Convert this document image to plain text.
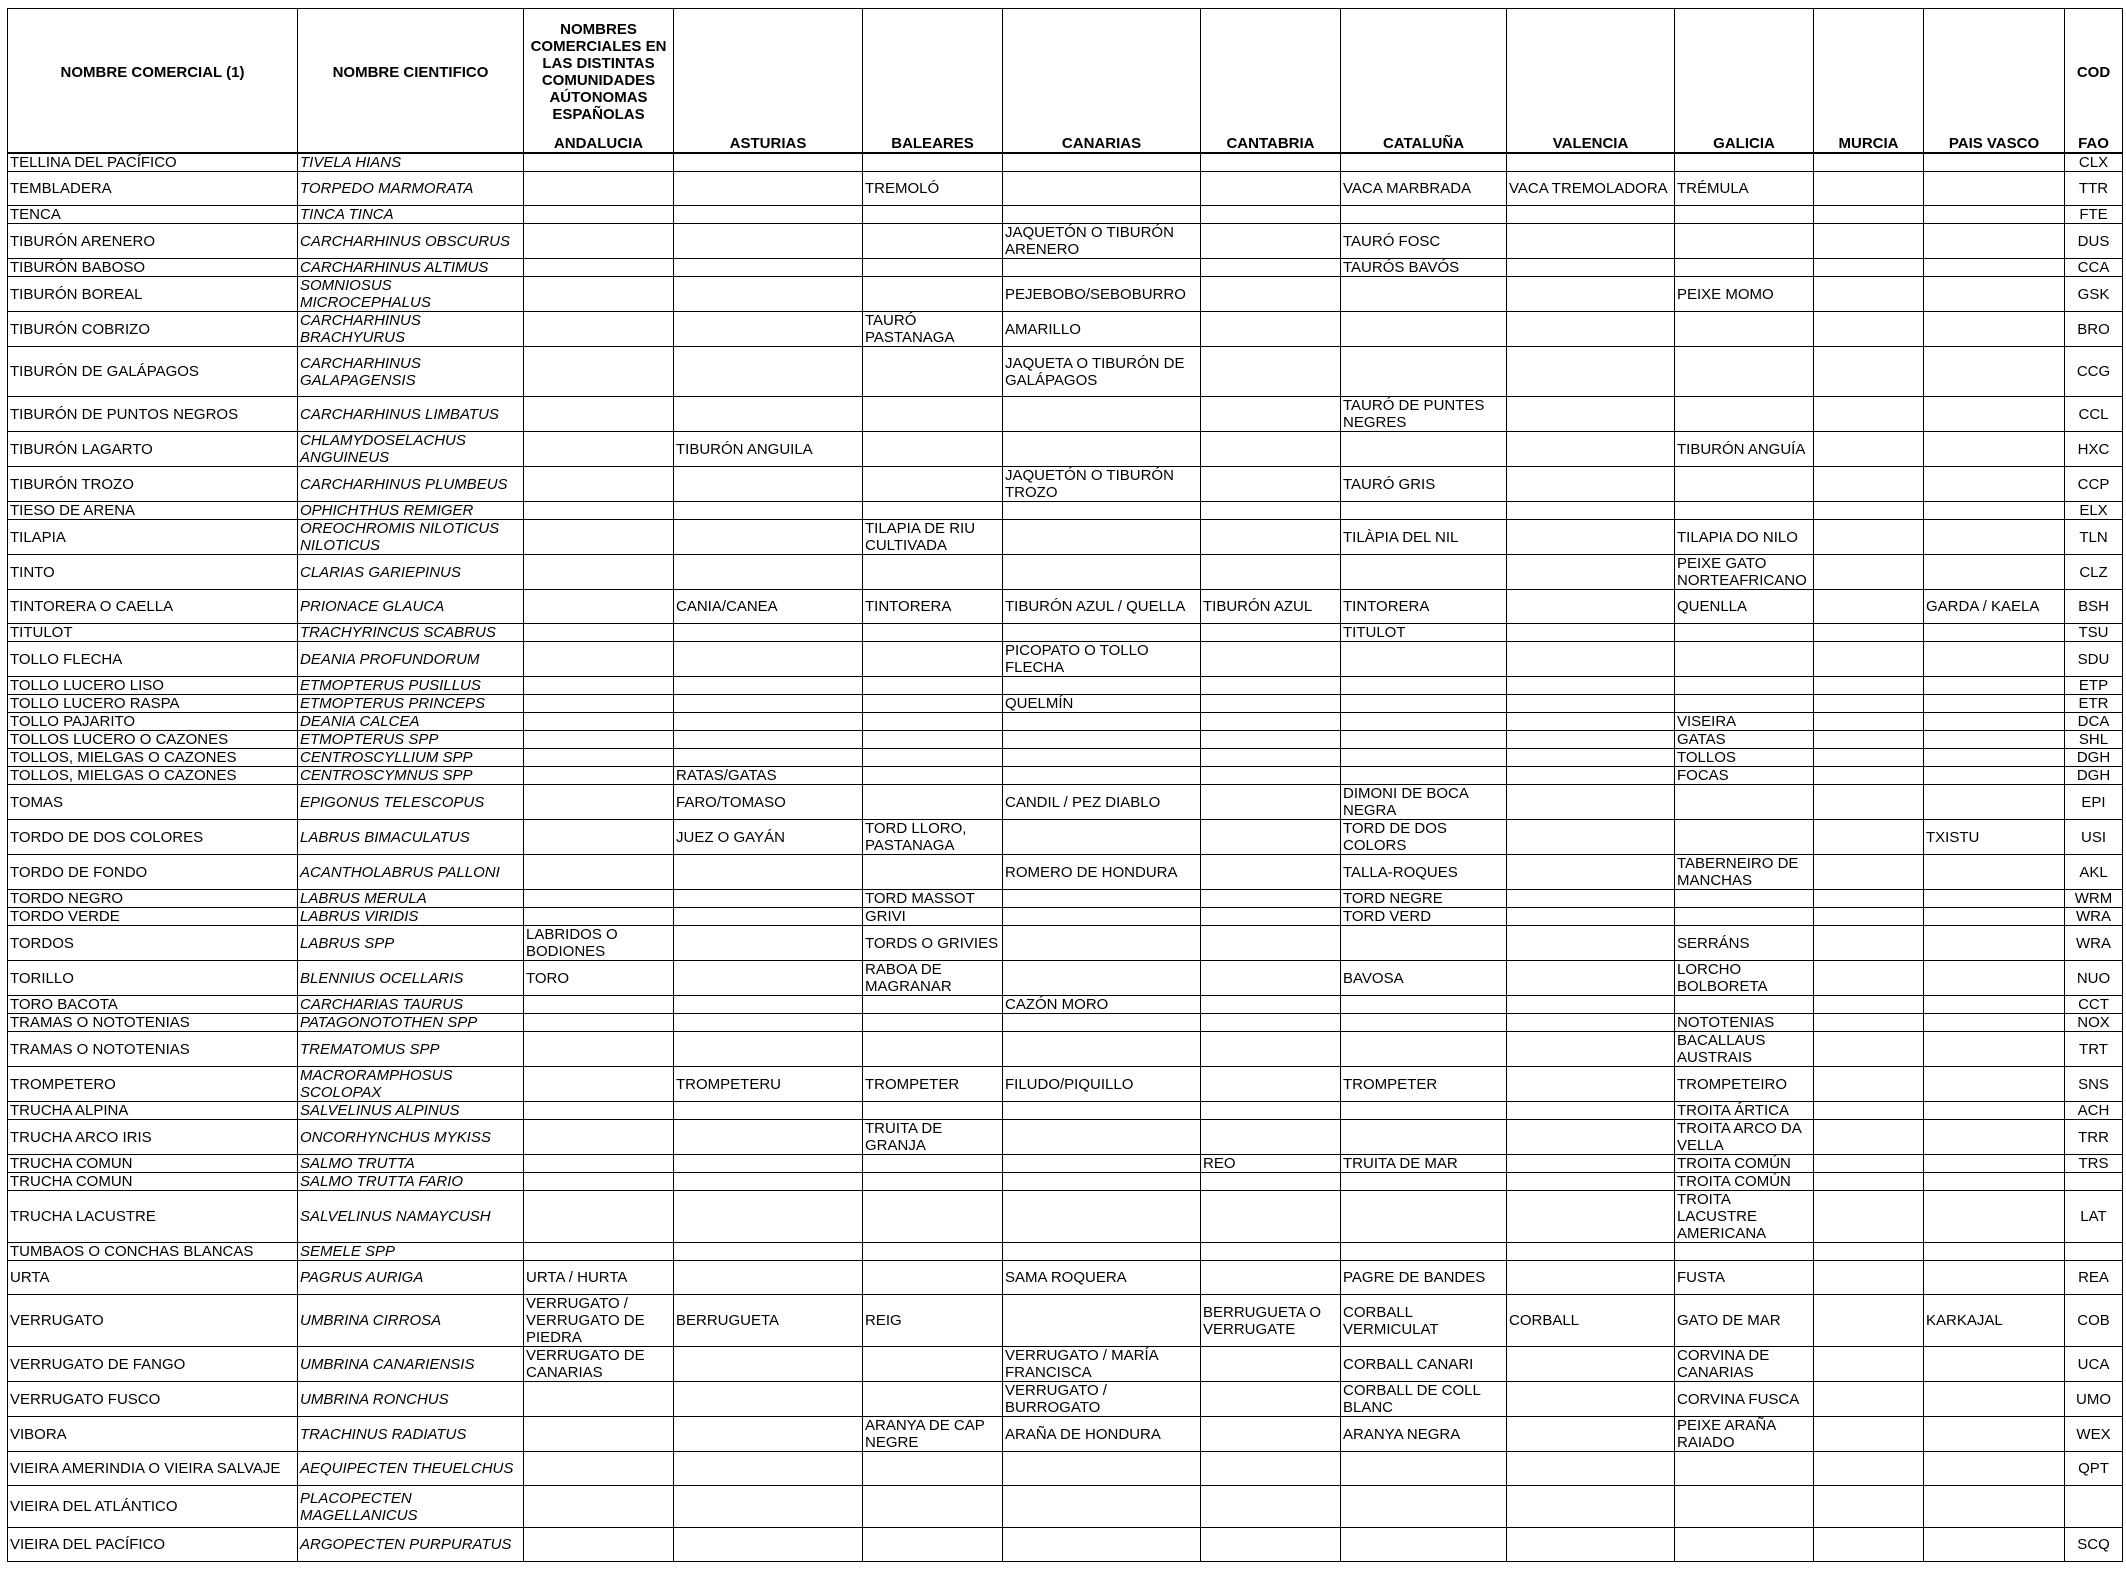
NOMBRE COMERCIAL (1)	NOMBRE CIENTIFICO	NOMBRES COMERCIALES EN LAS DISTINTAS COMUNIDADES AÚTONOMAS ESPAÑOLAS										COD
		ANDALUCIA	ASTURIAS	BALEARES	CANARIAS	CANTABRIA	CATALUÑA	VALENCIA	GALICIA	MURCIA	PAIS VASCO	FAO
TELLINA DEL PACÍFICO	TIVELA HIANS											CLX
TEMBLADERA	TORPEDO MARMORATA			TREMOLÓ			VACA MARBRADA	VACA TREMOLADORA	TRÉMULA			TTR
TENCA	TINCA TINCA											FTE
TIBURÓN ARENERO	CARCHARHINUS OBSCURUS				JAQUETÓN O TIBURÓN ARENERO		TAURÓ FOSC					DUS
TIBURÓN BABOSO	CARCHARHINUS ALTIMUS						TAURÓS BAVÓS					CCA
TIBURÓN BOREAL	SOMNIOSUS MICROCEPHALUS				PEJEBOBO/SEBOBURRO				PEIXE MOMO			GSK
TIBURÓN COBRIZO	CARCHARHINUS BRACHYURUS			TAURÓ PASTANAGA	AMARILLO							BRO
TIBURÓN DE GALÁPAGOS	CARCHARHINUS GALAPAGENSIS				JAQUETA O TIBURÓN DE GALÁPAGOS							CCG
TIBURÓN DE PUNTOS NEGROS	CARCHARHINUS LIMBATUS						TAURÓ DE PUNTES NEGRES					CCL
TIBURÓN LAGARTO	CHLAMYDOSELACHUS ANGUINEUS		TIBURÓN ANGUILA						TIBURÓN ANGUÍA			HXC
TIBURÓN TROZO	CARCHARHINUS PLUMBEUS				JAQUETÓN O TIBURÓN TROZO		TAURÓ GRIS					CCP
TIESO DE ARENA	OPHICHTHUS REMIGER											ELX
TILAPIA	OREOCHROMIS NILOTICUS NILOTICUS			TILAPIA DE RIU CULTIVADA			TILÀPIA DEL NIL		TILAPIA DO NILO			TLN
TINTO	CLARIAS GARIEPINUS								PEIXE GATO NORTEAFRICANO			CLZ
TINTORERA O CAELLA	PRIONACE GLAUCA		CANIA/CANEA	TINTORERA	TIBURÓN AZUL / QUELLA	TIBURÓN AZUL	TINTORERA		QUENLLA		GARDA / KAELA	BSH
TITULOT	TRACHYRINCUS SCABRUS						TITULOT					TSU
TOLLO FLECHA	DEANIA PROFUNDORUM				PICOPATO O TOLLO FLECHA							SDU
TOLLO LUCERO LISO	ETMOPTERUS PUSILLUS											ETP
TOLLO LUCERO RASPA	ETMOPTERUS PRINCEPS				QUELMÍN							ETR
TOLLO PAJARITO	DEANIA CALCEA								VISEIRA			DCA
TOLLOS LUCERO O CAZONES	ETMOPTERUS SPP								GATAS			SHL
TOLLOS, MIELGAS O CAZONES	CENTROSCYLLIUM SPP								TOLLOS			DGH
TOLLOS, MIELGAS O CAZONES	CENTROSCYMNUS SPP		RATAS/GATAS						FOCAS			DGH
TOMAS	EPIGONUS TELESCOPUS		FARO/TOMASO		CANDIL / PEZ DIABLO		DIMONI DE BOCA NEGRA					EPI
TORDO DE DOS COLORES	LABRUS BIMACULATUS		JUEZ O GAYÁN	TORD LLORO, PASTANAGA			TORD DE DOS COLORS				TXISTU	USI
TORDO DE FONDO	ACANTHOLABRUS PALLONI				ROMERO DE HONDURA		TALLA-ROQUES		TABERNEIRO DE MANCHAS			AKL
TORDO NEGRO	LABRUS MERULA			TORD MASSOT			TORD NEGRE					WRM
TORDO VERDE	LABRUS VIRIDIS			GRIVI			TORD VERD					WRA
TORDOS	LABRUS SPP	LABRIDOS O BODIONES		TORDS O GRIVIES					SERRÁNS			WRA
TORILLO	BLENNIUS OCELLARIS	TORO		RABOA DE MAGRANAR			BAVOSA		LORCHO BOLBORETA			NUO
TORO BACOTA	CARCHARIAS TAURUS				CAZÓN MORO							CCT
TRAMAS O NOTOTENIAS	PATAGONOTOTHEN SPP								NOTOTENIAS			NOX
TRAMAS O NOTOTENIAS	TREMATOMUS SPP								BACALLAUS AUSTRAIS			TRT
TROMPETERO	MACRORAMPHOSUS SCOLOPAX		TROMPETERU	TROMPETER	FILUDO/PIQUILLO		TROMPETER		TROMPETEIRO			SNS
TRUCHA ALPINA	SALVELINUS ALPINUS								TROITA ÁRTICA			ACH
TRUCHA ARCO IRIS	ONCORHYNCHUS MYKISS			TRUITA DE GRANJA					TROITA ARCO DA VELLA			TRR
TRUCHA COMUN	SALMO TRUTTA					REO	TRUITA DE MAR		TROITA COMÚN			TRS
TRUCHA COMUN	SALMO TRUTTA FARIO								TROITA COMÚN			
TRUCHA LACUSTRE	SALVELINUS NAMAYCUSH								TROITA LACUSTRE AMERICANA			LAT
TUMBAOS O CONCHAS BLANCAS	SEMELE SPP											
URTA	PAGRUS AURIGA	URTA / HURTA			SAMA ROQUERA		PAGRE DE BANDES		FUSTA			REA
VERRUGATO	UMBRINA CIRROSA	VERRUGATO / VERRUGATO DE PIEDRA	BERRUGUETA	REIG		BERRUGUETA O VERRUGATE	CORBALL VERMICULAT	CORBALL	GATO DE MAR		KARKAJAL	COB
VERRUGATO DE FANGO	UMBRINA CANARIENSIS	VERRUGATO DE CANARIAS			VERRUGATO / MARÍA FRANCISCA		CORBALL CANARI		CORVINA DE CANARIAS			UCA
VERRUGATO FUSCO	UMBRINA RONCHUS				VERRUGATO / BURROGATO		CORBALL DE COLL BLANC		CORVINA FUSCA			UMO
VIBORA	TRACHINUS RADIATUS			ARANYA DE CAP NEGRE	ARAÑA DE HONDURA		ARANYA NEGRA		PEIXE ARAÑA RAIADO			WEX
VIEIRA AMERINDIA O VIEIRA SALVAJE	AEQUIPECTEN THEUELCHUS											QPT
VIEIRA DEL ATLÁNTICO	PLACOPECTEN MAGELLANICUS											
VIEIRA DEL PACÍFICO	ARGOPECTEN PURPURATUS											SCQ
